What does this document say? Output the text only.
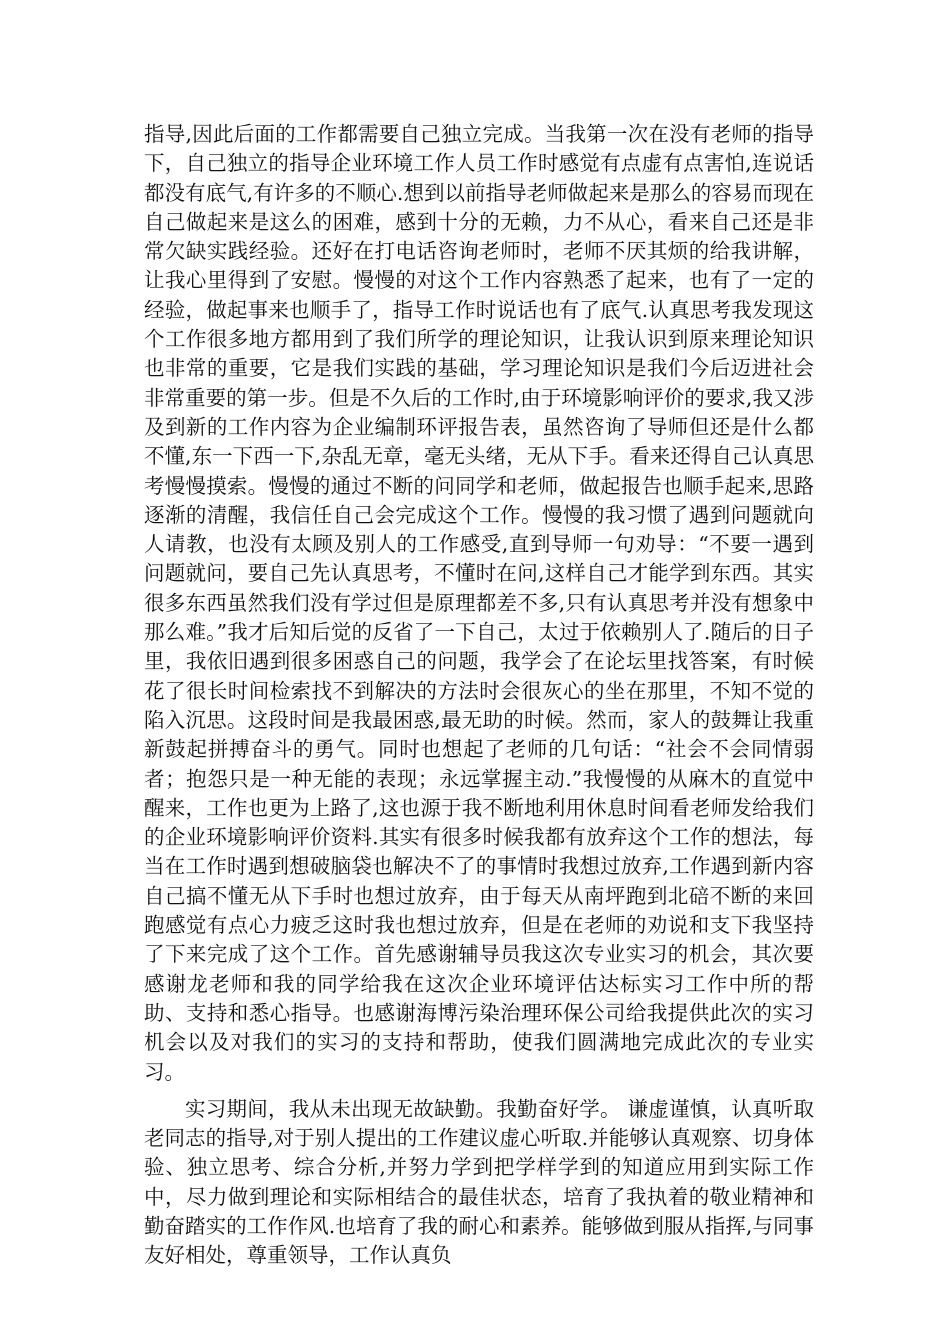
指导,因此后面的工作都需要自己独立完成。当我第一次在没有老师的指导下，自己独立的指导企业环境工作人员工作时感觉有点虚有点害怕,连说话都没有底气,有许多的不顺心.想到以前指导老师做起来是那么的容易而现在自己做起来是这么的困难，感到十分的无赖，力不从心，看来自己还是非常欠缺实践经验。还好在打电话咨询老师时，老师不厌其烦的给我讲解，让我心里得到了安慰。慢慢的对这个工作内容熟悉了起来，也有了一定的经验，做起事来也顺手了，指导工作时说话也有了底气.认真思考我发现这个工作很多地方都用到了我们所学的理论知识，让我认识到原来理论知识也非常的重要，它是我们实践的基础，学习理论知识是我们今后迈进社会非常重要的第一步。但是不久后的工作时,由于环境影响评价的要求,我又涉及到新的工作内容为企业编制环评报告表，虽然咨询了导师但还是什么都不懂,东一下西一下,杂乱无章，毫无头绪，无从下手。看来还得自己认真思考慢慢摸索。慢慢的通过不断的问同学和老师，做起报告也顺手起来,思路逐渐的清醒，我信任自己会完成这个工作。慢慢的我习惯了遇到问题就向人请教，也没有太顾及别人的工作感受,直到导师一句劝导：“不要一遇到问题就问，要自己先认真思考，不懂时在问,这样自己才能学到东西。其实很多东西虽然我们没有学过但是原理都差不多,只有认真思考并没有想象中那么难。”我才后知后觉的反省了一下自己，太过于依赖别人了.随后的日子里，我依旧遇到很多困惑自己的问题，我学会了在论坛里找答案，有时候花了很长时间检索找不到解决的方法时会很灰心的坐在那里，不知不觉的陷入沉思。这段时间是我最困惑,最无助的时候。然而，家人的鼓舞让我重新鼓起拼搏奋斗的勇气。同时也想起了老师的几句话：“社会不会同情弱者；抱怨只是一种无能的表现；永远掌握主动.”我慢慢的从麻木的直觉中醒来，工作也更为上路了,这也源于我不断地利用休息时间看老师发给我们的企业环境影响评价资料.其实有很多时候我都有放弃这个工作的想法，每当在工作时遇到想破脑袋也解决不了的事情时我想过放弃,工作遇到新内容自己搞不懂无从下手时也想过放弃，由于每天从南坪跑到北碚不断的来回跑感觉有点心力疲乏这时我也想过放弃，但是在老师的劝说和支下我坚持了下来完成了这个工作。首先感谢辅导员我这次专业实习的机会，其次要感谢龙老师和我的同学给我在这次企业环境评估达标实习工作中所的帮助、支持和悉心指导。也感谢海博污染治理环保公司给我提供此次的实习机会以及对我们的实习的支持和帮助，使我们圆满地完成此次的专业实习。

实习期间，我从未出现无故缺勤。我勤奋好学。 谦虚谨慎，认真听取老同志的指导,对于别人提出的工作建议虚心听取.并能够认真观察、切身体验、独立思考、综合分析,并努力学到把学样学到的知道应用到实际工作中，尽力做到理论和实际相结合的最佳状态，培育了我执着的敬业精神和勤奋踏实的工作作风.也培育了我的耐心和素养。能够做到服从指挥,与同事友好相处，尊重领导，工作认真负
